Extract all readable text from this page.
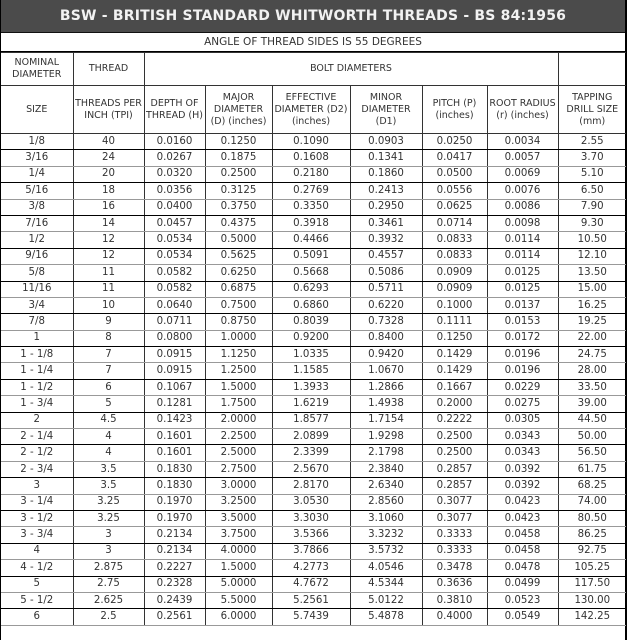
BSW - BRITISH STANDARD WHITWORTH THREADS - BS 84:1956
ANGLE OF THREAD SIDES IS 55 DEGREES
NOMINAL DIAMETER	THREAD	BOLT DIAMETERS						
SIZE	THREADS PER INCH (TPI)	DEPTH OF THREAD (H)	MAJOR DIAMETER (D) (inches)	EFFECTIVE DIAMETER (D2) (inches)	MINOR DIAMETER (D1)	PITCH (P) (inches)	ROOT RADIUS (r) (inches)	TAPPING DRILL SIZE (mm)
1/8	40	0.0160	0.1250	0.1090	0.0903	0.0250	0.0034	2.55
3/16	24	0.0267	0.1875	0.1608	0.1341	0.0417	0.0057	3.70
1/4	20	0.0320	0.2500	0.2180	0.1860	0.0500	0.0069	5.10
5/16	18	0.0356	0.3125	0.2769	0.2413	0.0556	0.0076	6.50
3/8	16	0.0400	0.3750	0.3350	0.2950	0.0625	0.0086	7.90
7/16	14	0.0457	0.4375	0.3918	0.3461	0.0714	0.0098	9.30
1/2	12	0.0534	0.5000	0.4466	0.3932	0.0833	0.0114	10.50
9/16	12	0.0534	0.5625	0.5091	0.4557	0.0833	0.0114	12.10
5/8	11	0.0582	0.6250	0.5668	0.5086	0.0909	0.0125	13.50
11/16	11	0.0582	0.6875	0.6293	0.5711	0.0909	0.0125	15.00
3/4	10	0.0640	0.7500	0.6860	0.6220	0.1000	0.0137	16.25
7/8	9	0.0711	0.8750	0.8039	0.7328	0.1111	0.0153	19.25
1	8	0.0800	1.0000	0.9200	0.8400	0.1250	0.0172	22.00
1 - 1/8	7	0.0915	1.1250	1.0335	0.9420	0.1429	0.0196	24.75
1 - 1/4	7	0.0915	1.2500	1.1585	1.0670	0.1429	0.0196	28.00
1 - 1/2	6	0.1067	1.5000	1.3933	1.2866	0.1667	0.0229	33.50
1 - 3/4	5	0.1281	1.7500	1.6219	1.4938	0.2000	0.0275	39.00
2	4.5	0.1423	2.0000	1.8577	1.7154	0.2222	0.0305	44.50
2 - 1/4	4	0.1601	2.2500	2.0899	1.9298	0.2500	0.0343	50.00
2 - 1/2	4	0.1601	2.5000	2.3399	2.1798	0.2500	0.0343	56.50
2 - 3/4	3.5	0.1830	2.7500	2.5670	2.3840	0.2857	0.0392	61.75
3	3.5	0.1830	3.0000	2.8170	2.6340	0.2857	0.0392	68.25
3 - 1/4	3.25	0.1970	3.2500	3.0530	2.8560	0.3077	0.0423	74.00
3 - 1/2	3.25	0.1970	3.5000	3.3030	3.1060	0.3077	0.0423	80.50
3 - 3/4	3	0.2134	3.7500	3.5366	3.3232	0.3333	0.0458	86.25
4	3	0.2134	4.0000	3.7866	3.5732	0.3333	0.0458	92.75
4 - 1/2	2.875	0.2227	1.5000	4.2773	4.0546	0.3478	0.0478	105.25
5	2.75	0.2328	5.0000	4.7672	4.5344	0.3636	0.0499	117.50
5 - 1/2	2.625	0.2439	5.5000	5.2561	5.0122	0.3810	0.0523	130.00
6	2.5	0.2561	6.0000	5.7439	5.4878	0.4000	0.0549	142.25
